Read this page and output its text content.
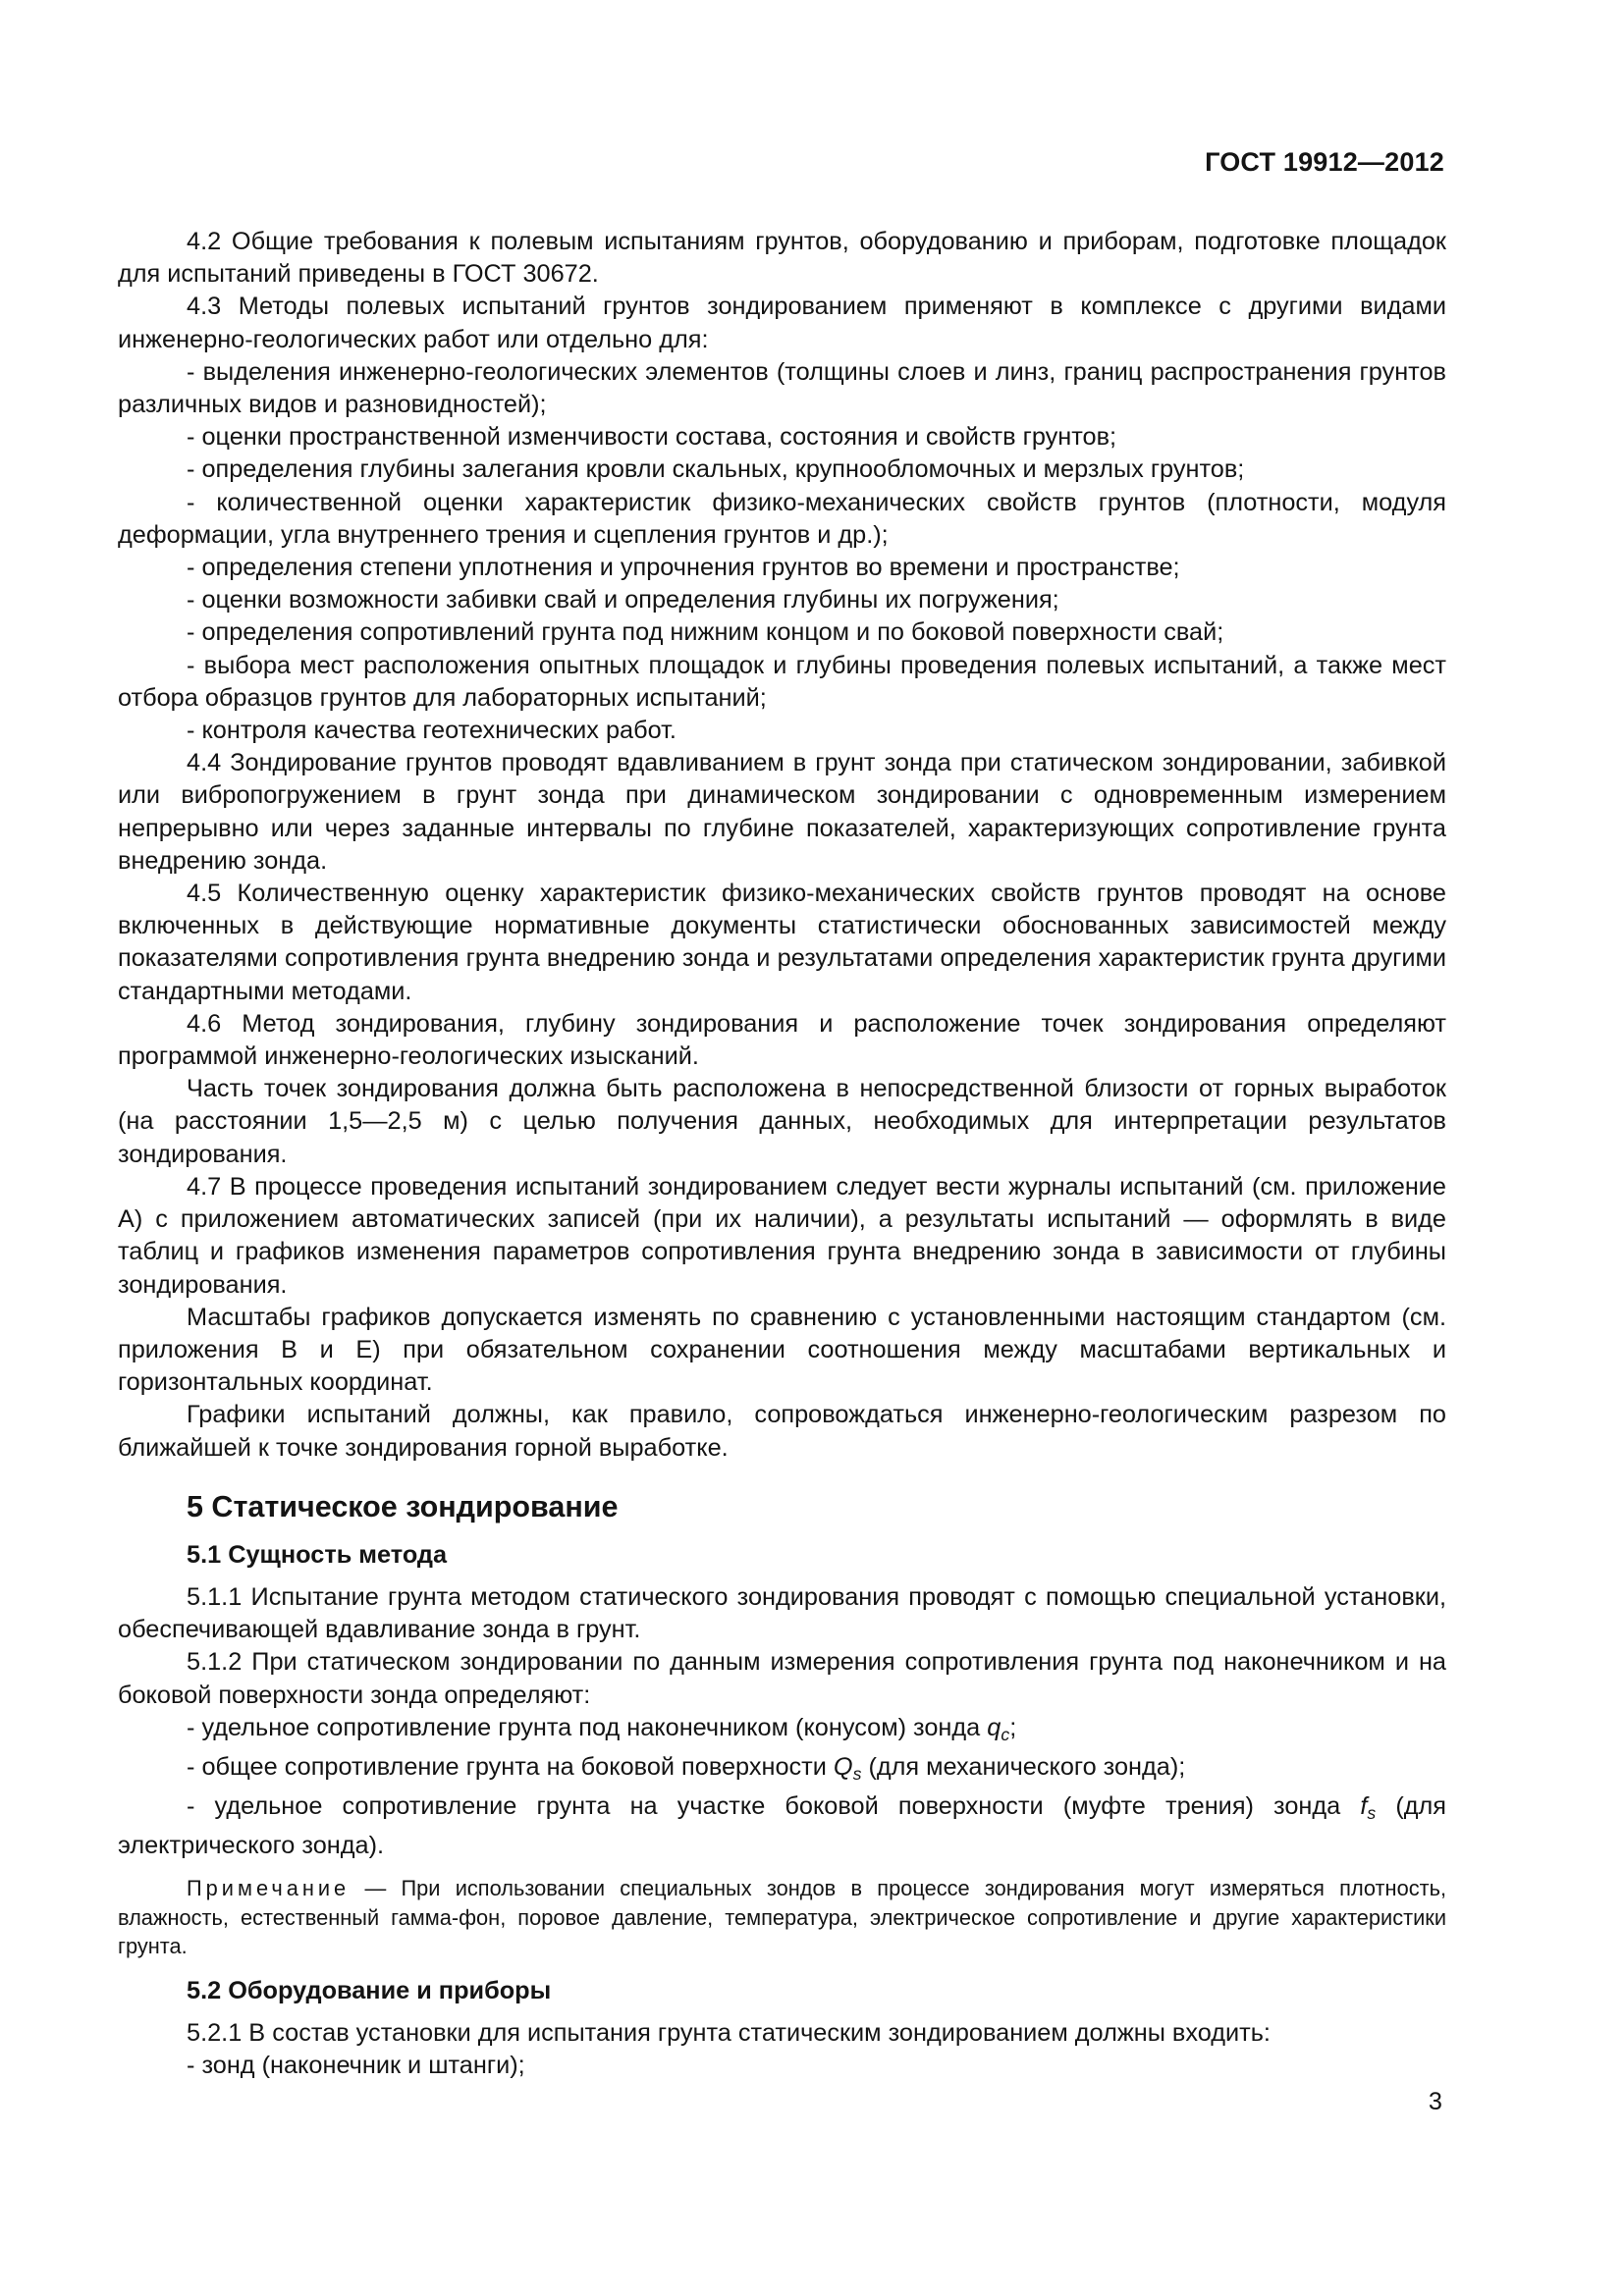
ГОСТ 19912—2012

4.2 Общие требования к полевым испытаниям грунтов, оборудованию и приборам, подготовке площадок для испытаний приведены в ГОСТ 30672.

4.3 Методы полевых испытаний грунтов зондированием применяют в комплексе с другими видами инженерно-геологических работ или отдельно для:

- выделения инженерно-геологических элементов (толщины слоев и линз, границ распространения грунтов различных видов и разновидностей);

- оценки пространственной изменчивости состава, состояния и свойств грунтов;

- определения глубины залегания кровли скальных, крупнообломочных и мерзлых грунтов;

- количественной оценки характеристик физико-механических свойств грунтов (плотности, модуля деформации, угла внутреннего трения и сцепления грунтов и др.);

- определения степени уплотнения и упрочнения грунтов во времени и пространстве;

- оценки возможности забивки свай и определения глубины их погружения;

- определения сопротивлений грунта под нижним концом и по боковой поверхности свай;

- выбора мест расположения опытных площадок и глубины проведения полевых испытаний, а также мест отбора образцов грунтов для лабораторных испытаний;

- контроля качества геотехнических работ.

4.4 Зондирование грунтов проводят вдавливанием в грунт зонда при статическом зондировании, забивкой или вибропогружением в грунт зонда при динамическом зондировании с одновременным измерением непрерывно или через заданные интервалы по глубине показателей, характеризующих сопротивление грунта внедрению зонда.

4.5 Количественную оценку характеристик физико-механических свойств грунтов проводят на основе включенных в действующие нормативные документы статистически обоснованных зависимостей между показателями сопротивления грунта внедрению зонда и результатами определения характеристик грунта другими стандартными методами.

4.6 Метод зондирования, глубину зондирования и расположение точек зондирования определяют программой инженерно-геологических изысканий.

Часть точек зондирования должна быть расположена в непосредственной близости от горных выработок (на расстоянии 1,5—2,5 м) с целью получения данных, необходимых для интерпретации результатов зондирования.

4.7 В процессе проведения испытаний зондированием следует вести журналы испытаний (см. приложение А) с приложением автоматических записей (при их наличии), а результаты испытаний — оформлять в виде таблиц и графиков изменения параметров сопротивления грунта внедрению зонда в зависимости от глубины зондирования.

Масштабы графиков допускается изменять по сравнению с установленными настоящим стандартом (см. приложения В и Е) при обязательном сохранении соотношения между масштабами вертикальных и горизонтальных координат.

Графики испытаний должны, как правило, сопровождаться инженерно-геологическим разрезом по ближайшей к точке зондирования горной выработке.

5 Статическое зондирование

5.1 Сущность метода

5.1.1 Испытание грунта методом статического зондирования проводят с помощью специальной установки, обеспечивающей вдавливание зонда в грунт.

5.1.2 При статическом зондировании по данным измерения сопротивления грунта под наконечником и на боковой поверхности зонда определяют:

- удельное сопротивление грунта под наконечником (конусом) зонда $q_c$;

- общее сопротивление грунта на боковой поверхности $Q_s$ (для механического зонда);

- удельное сопротивление грунта на участке боковой поверхности (муфте трения) зонда $f_s$ (для электрического зонда).

Примечание — При использовании специальных зондов в процессе зондирования могут измеряться плотность, влажность, естественный гамма-фон, поровое давление, температура, электрическое сопротивление и другие характеристики грунта.

5.2 Оборудование и приборы

5.2.1 В состав установки для испытания грунта статическим зондированием должны входить:

- зонд (наконечник и штанги);

3
